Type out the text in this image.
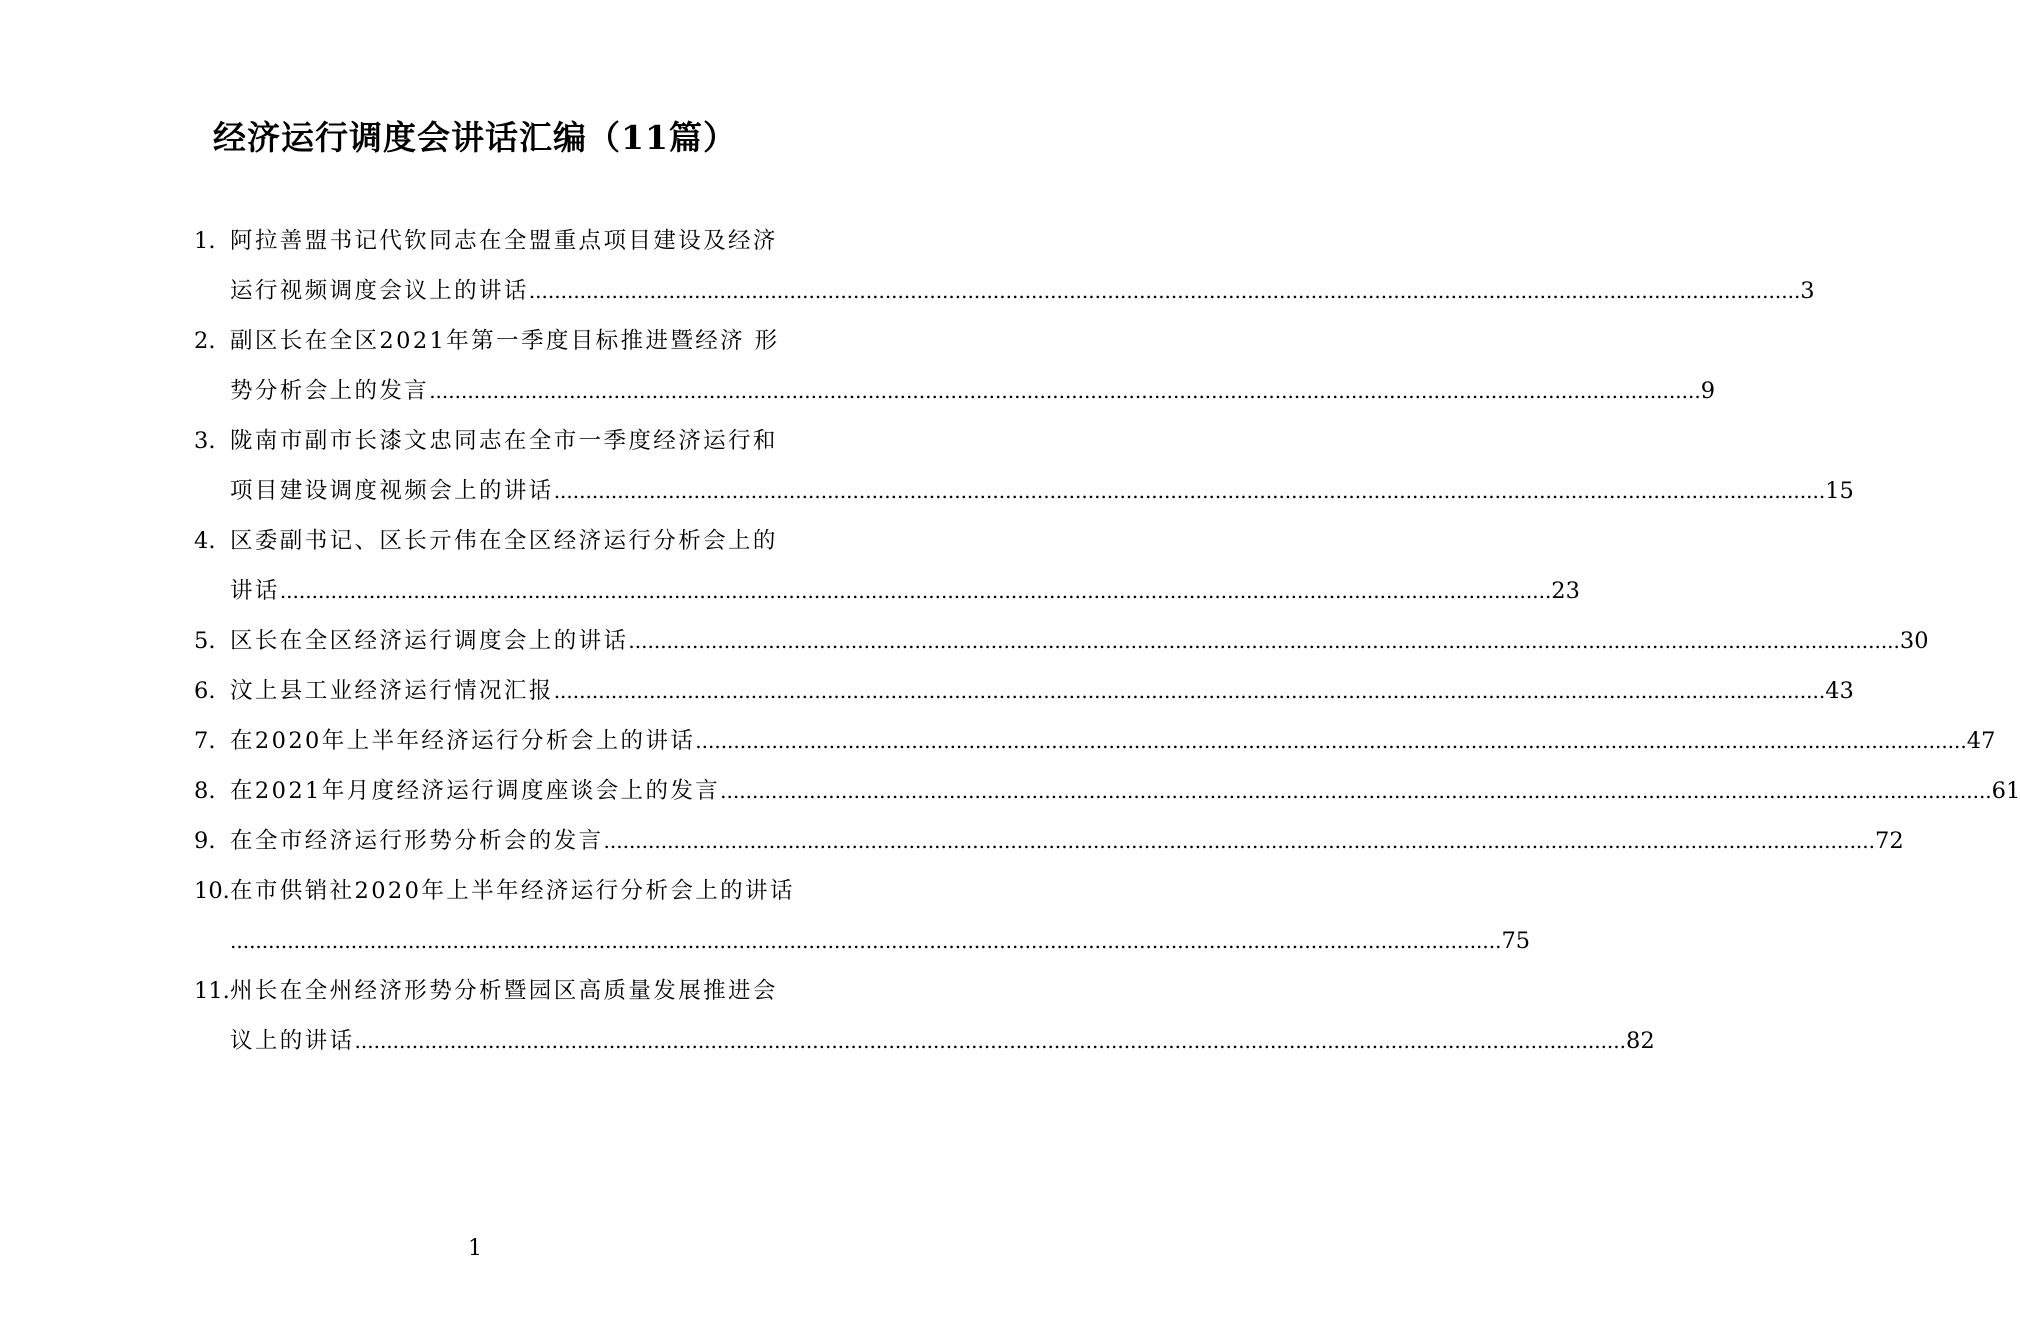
经济运行调度会讲话汇编（11篇）
1. 阿拉善盟书记代钦同志在全盟重点项目建设及经济
运行视频调度会议上的讲话 ........................................................................................................................................................................................................ 3
2. 副区长在全区2021年第一季度目标推进暨经济 形
势分析会上的发言 ........................................................................................................................................................................................................ 9
3. 陇南市副市长漆文忠同志在全市一季度经济运行和
项目建设调度视频会上的讲话 ........................................................................................................................................................................................................ 15
4. 区委副书记、区长亓伟在全区经济运行分析会上的
讲话 ........................................................................................................................................................................................................ 23
5. 区长在全区经济运行调度会上的讲话 ........................................................................................................................................................................................................ 30
6. 汶上县工业经济运行情况汇报 ........................................................................................................................................................................................................ 43
7. 在2020年上半年经济运行分析会上的讲话 ........................................................................................................................................................................................................ 47
8. 在2021年月度经济运行调度座谈会上的发言 ........................................................................................................................................................................................................ 61
9. 在全市经济运行形势分析会的发言 ........................................................................................................................................................................................................ 72
10. 在市供销社2020年上半年经济运行分析会上的讲话
........................................................................................................................................................................................................ 75
11. 州长在全州经济形势分析暨园区高质量发展推进会
议上的讲话 ........................................................................................................................................................................................................ 82
1
